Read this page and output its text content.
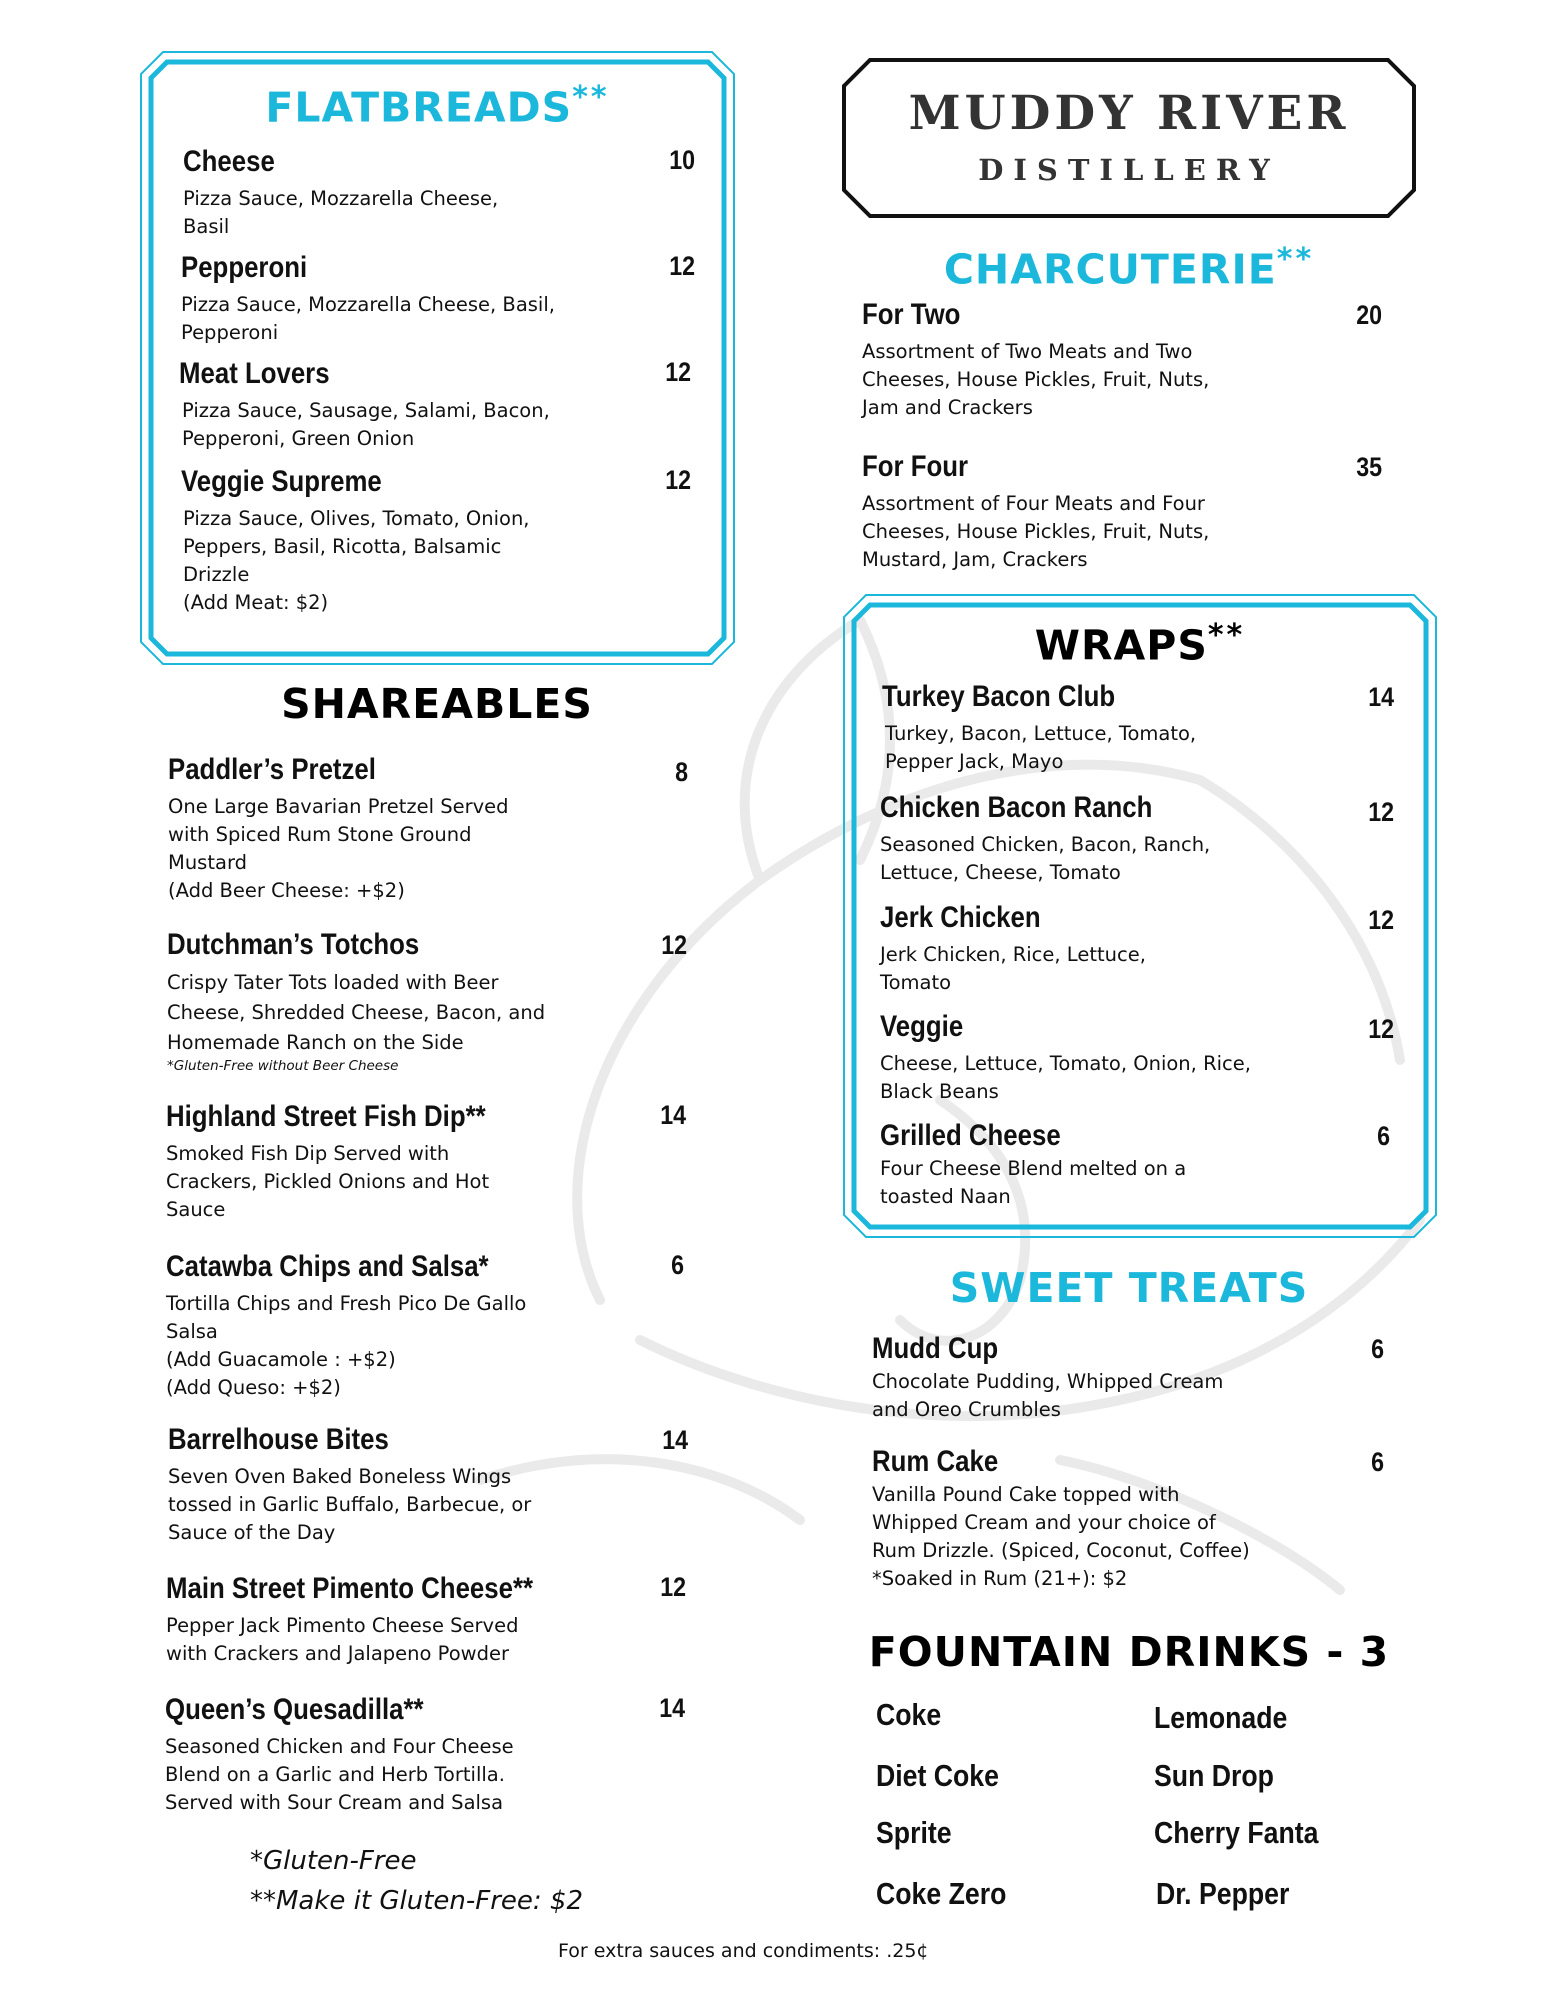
FLATBREADS**
Cheese
Pizza Sauce, Mozzarella Cheese,
Basil
10
Pepperoni
Pizza Sauce, Mozzarella Cheese, Basil,
Pepperoni
12
Meat Lovers
Pizza Sauce, Sausage, Salami, Bacon,
Pepperoni, Green Onion
12
Veggie Supreme
Pizza Sauce, Olives, Tomato, Onion,
Peppers, Basil, Ricotta, Balsamic
Drizzle
(Add Meat: $2)
12
SHAREABLES
Paddler’s Pretzel
One Large Bavarian Pretzel Served
with Spiced Rum Stone Ground
Mustard
(Add Beer Cheese: +$2)
8
Dutchman’s Totchos
Crispy Tater Tots loaded with Beer
Cheese, Shredded Cheese, Bacon, and
Homemade Ranch on the Side
*Gluten-Free without Beer Cheese
12
Highland Street Fish Dip**
Smoked Fish Dip Served with
Crackers, Pickled Onions and Hot
Sauce
14
Catawba Chips and Salsa*
Tortilla Chips and Fresh Pico De Gallo
Salsa
(Add Guacamole : +$2)
(Add Queso: +$2)
6
Barrelhouse Bites
Seven Oven Baked Boneless Wings
tossed in Garlic Buffalo, Barbecue, or
Sauce of the Day
14
Main Street Pimento Cheese**
Pepper Jack Pimento Cheese Served
with Crackers and Jalapeno Powder
12
Queen’s Quesadilla**
Seasoned Chicken and Four Cheese
Blend on a Garlic and Herb Tortilla.
Served with Sour Cream and Salsa
14
*Gluten-Free
**Make it Gluten-Free: $2
MUDDY RIVER
DISTILLERY
CHARCUTERIE**
For Two
Assortment of Two Meats and Two
Cheeses, House Pickles, Fruit, Nuts,
Jam and Crackers
20
For Four
Assortment of Four Meats and Four
Cheeses, House Pickles, Fruit, Nuts,
Mustard, Jam, Crackers
35
WRAPS**
Turkey Bacon Club
Turkey, Bacon, Lettuce, Tomato,
Pepper Jack, Mayo
14
Chicken Bacon Ranch
Seasoned Chicken, Bacon, Ranch,
Lettuce, Cheese, Tomato
12
Jerk Chicken
Jerk Chicken, Rice, Lettuce,
Tomato
12
Veggie
Cheese, Lettuce, Tomato, Onion, Rice,
Black Beans
12
Grilled Cheese
Four Cheese Blend melted on a
toasted Naan
6
SWEET TREATS
Mudd Cup
Chocolate Pudding, Whipped Cream
and Oreo Crumbles
6
Rum Cake
Vanilla Pound Cake topped with
Whipped Cream and your choice of
Rum Drizzle. (Spiced, Coconut, Coffee)
*Soaked in Rum (21+): $2
6
FOUNTAIN DRINKS - 3
Coke
Diet Coke
Sprite
Coke Zero
Lemonade
Sun Drop
Cherry Fanta
Dr. Pepper
For extra sauces and condiments: .25¢
